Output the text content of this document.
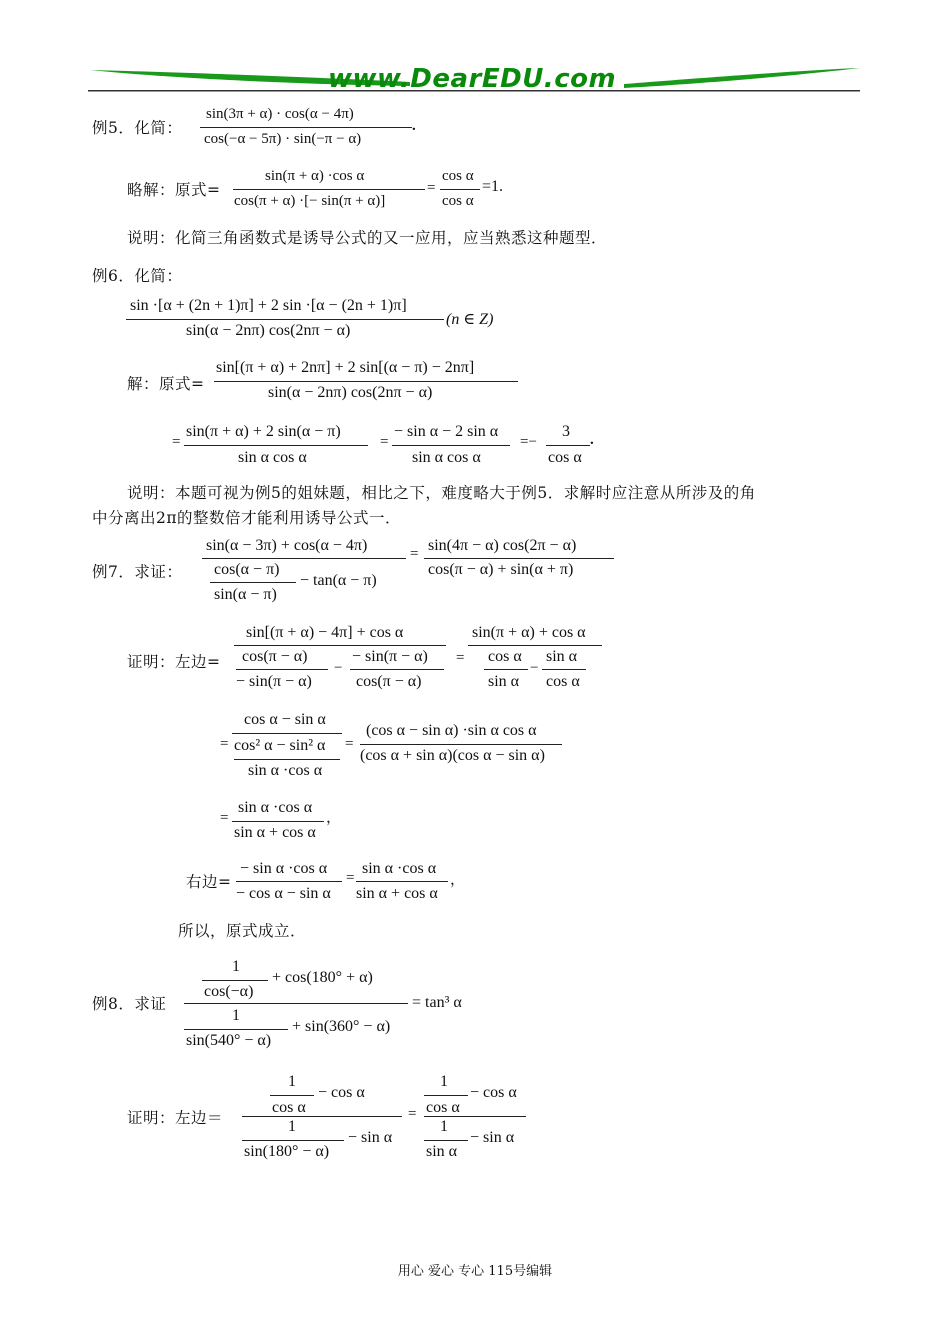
www.DearEDU.com
例5．化简：
sin(3π + α) · cos(α − 4π)
cos(−α − 5π) · sin(−π − α)
.
略解：原式=
sin(π + α) ·cos α
cos(π + α) ·[− sin(π + α)]
=
cos α
cos α
=1.
说明：化简三角函数式是诱导公式的又一应用，应当熟悉这种题型．
例6．化简：
sin ·[α + (2n + 1)π] + 2 sin ·[α − (2n + 1)π]
sin(α − 2nπ) cos(2nπ − α)
(n ∈ Z)
解：原式=
sin[(π + α) + 2nπ] + 2 sin[(α − π) − 2nπ]
sin(α − 2nπ) cos(2nπ − α)
=
sin(π + α) + 2 sin(α − π)
sin α cos α
=
− sin α − 2 sin α
sin α cos α
=−
3
cos α
.
说明：本题可视为例5的姐妹题，相比之下，难度略大于例5．求解时应注意从所涉及的角
中分离出2π的整数倍才能利用诱导公式一．
例7．求证：
sin(α − 3π) + cos(α − 4π)
cos(α − π)
sin(α − π)
− tan(α − π)
= sin(4π − α) cos(2π − α)
cos(π − α) + sin(α + π)
证明：左边=
sin[(π + α) − 4π] + cos α
cos(π − α)
− sin(π − α)
−
− sin(π − α)
cos(π − α)
=
sin(π + α) + cos α
cos α
sin α
−
sin α
cos α
=
cos α − sin α
cos² α − sin² α
sin α ·cos α
=
(cos α − sin α) ·sin α cos α
(cos α + sin α)(cos α − sin α)
=
sin α ·cos α
sin α + cos α
，
右边=
− sin α ·cos α
− cos α − sin α
=
sin α ·cos α
sin α + cos α
，
所以，原式成立．
例8．求证
1
cos(−α)
+ cos(180° + α)
1
sin(540° − α)
+ sin(360° − α)
= tan³ α
证明：左边＝
1
cos α
− cos α
1
sin(180° − α)
− sin α
=
1
cos α
− cos α
1
sin α
− sin α
用心 爱心 专心 115号编辑
